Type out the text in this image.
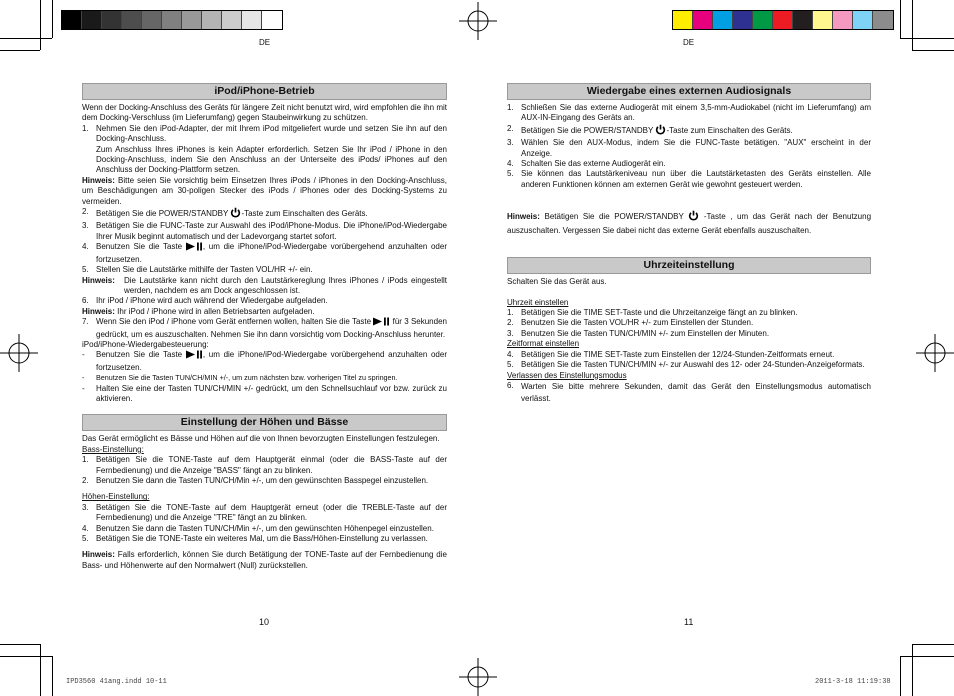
DE	DE
iPod/iPhone-Betrieb

Wenn der Docking-Anschluss des Geräts für längere Zeit nicht benutzt wird, wird empfohlen die ihn mit dem Docking-Verschluss (im Lieferumfang) gegen Staubeinwirkung zu schützen.

1. Nehmen Sie den iPod-Adapter, der mit Ihrem iPod mitgeliefert wurde und setzen Sie ihn auf den Docking-Anschluss.

Zum Anschluss Ihres iPhones is kein Adapter erforderlich. Setzen Sie Ihr iPod / iPhone in den Docking-Anschluss, indem Sie den Anschluss an der Unterseite des iPods/ iPhones auf den Anschluss der Docking-Plattform setzen.

Hinweis: Bitte seien Sie vorsichtig beim Einsetzen Ihres iPods / iPhones in den Docking-Anschluss, um Beschädigungen am 30-poligen Stecker des iPods / iPhones oder des Docking-Systems zu vermeiden.

2. Betätigen Sie die POWER/STANDBY -Taste zum Einschalten des Geräts.
3. Betätigen Sie die FUNC-Taste zur Auswahl des iPod/iPhone-Modus. Die iPhone/iPod-Wiedergabe Ihrer Musik beginnt automatisch und der Ladevorgang startet sofort.
4. Benutzen Sie die Taste	, um die iPhone/iPod-Wiedergabe vorübergehend anzuhalten oder fortzusetzen.
5. Stellen Sie die Lautstärke mithilfe der Tasten VOL/HR +/- ein.
Hinweis:	Die Lautstärke kann nicht durch den Lautstärkereglung Ihres iPhones / iPods eingestellt werden, nachdem es am Dock angeschlossen ist.
6. Ihr iPod / iPhone wird auch während der Wiedergabe aufgeladen.

Hinweis: Ihr iPod / iPhone wird in allen Betriebsarten aufgeladen.

7. Wenn Sie den iPod / iPhone vom Gerät entfernen wollen, halten Sie die Taste	für 3 Sekunden gedrückt, um es auszuschalten. Nehmen Sie ihn dann vorsichtig vom Docking-Anschluss herunter.

iPod/iPhone-Wiedergabesteuerung:

-	Benutzen Sie die Taste	, um die iPhone/iPod-Wiedergabe vorübergehend anzuhalten oder fortzusetzen.
-	Benutzen Sie die Tasten TUN/CH/MIN +/-, um zum nächsten bzw. vorherigen Titel zu springen.
-	Halten Sie eine der Tasten TUN/CH/MIN +/- gedrückt, um den Schnellsuchlauf vor bzw. zurück zu aktivieren.
Einstellung der Höhen und Bässe

Das Gerät ermöglicht es Bässe und Höhen auf die von Ihnen bevorzugten Einstellungen festzulegen.

Bass-Einstellung:

1. Betätigen Sie die TONE-Taste auf dem Hauptgerät einmal (oder die BASS-Taste auf der Fernbedienung) und die Anzeige "BASS" fängt an zu blinken.
2. Benutzen Sie dann die Tasten TUN/CH/Min +/-, um den gewünschten Basspegel einzustellen.

Höhen-Einstellung:

3. Betätigen Sie die TONE-Taste auf dem Hauptgerät erneut (oder die TREBLE-Taste auf der Fernbedienung) und die Anzeige "TRE" fängt an zu blinken.
4. Benutzen Sie dann die Tasten TUN/CH/Min +/-, um den gewünschten Höhenpegel einzustellen.
5. Betätigen Sie die TONE-Taste ein weiteres Mal, um die Bass/Höhen-Einstellung zu verlassen.

Hinweis: Falls erforderlich, können Sie durch Betätigung der TONE-Taste auf der Fernbedienung die Bass- und Höhenwerte auf den Normalwert (Null) zurückstellen.

10
Wiedergabe eines externen Audiosignals
1. Schließen Sie das externe Audiogerät mit einem 3,5-mm-Audiokabel (nicht im Lieferumfang) am AUX-IN-Eingang des Geräts an.
2. Betätigen Sie die POWER/STANDBY -Taste zum Einschalten des Geräts.
3. Wählen Sie den AUX-Modus, indem Sie die FUNC-Taste betätigen. "AUX" erscheint in der Anzeige.
4. Schalten Sie das externe Audiogerät ein.
5. Sie können das Lautstärkeniveau nun über die Lautstärketasten des Geräts einstellen. Alle anderen Funktionen können am externen Gerät wie gewohnt gesteuert werden.

Hinweis: Betätigen Sie die POWER/STANDBY	-Taste , um das Gerät nach der Benutzung auszuschalten. Vergessen Sie dabei nicht das externe Gerät ebenfalls auszuschalten.

Uhrzeiteinstellung

Schalten Sie das Gerät aus.

Uhrzeit einstellen

1. Betätigen Sie die TIME SET-Taste und die Uhrzeitanzeige fängt an zu blinken.
2. Benutzen Sie die Tasten VOL/HR +/- zum Einstellen der Stunden.
3. Benutzen Sie die Tasten TUN/CH/MIN +/- zum Einstellen der Minuten.

Zeitformat einstellen

4. Betätigen Sie die TIME SET-Taste zum Einstellen der 12/24-Stunden-Zeitformats erneut.
5. Betätigen Sie die Tasten TUN/CH/MIN +/- zur Auswahl des 12- oder 24-Stunden-Anzeigeformats.

Verlassen des Einstellungsmodus

6. Warten Sie bitte mehrere Sekunden, damit das Gerät den Einstellungsmodus automatisch verlässt.
11
IPD3560 41ang.indd 10-11	2011-3-18 11:19:38
